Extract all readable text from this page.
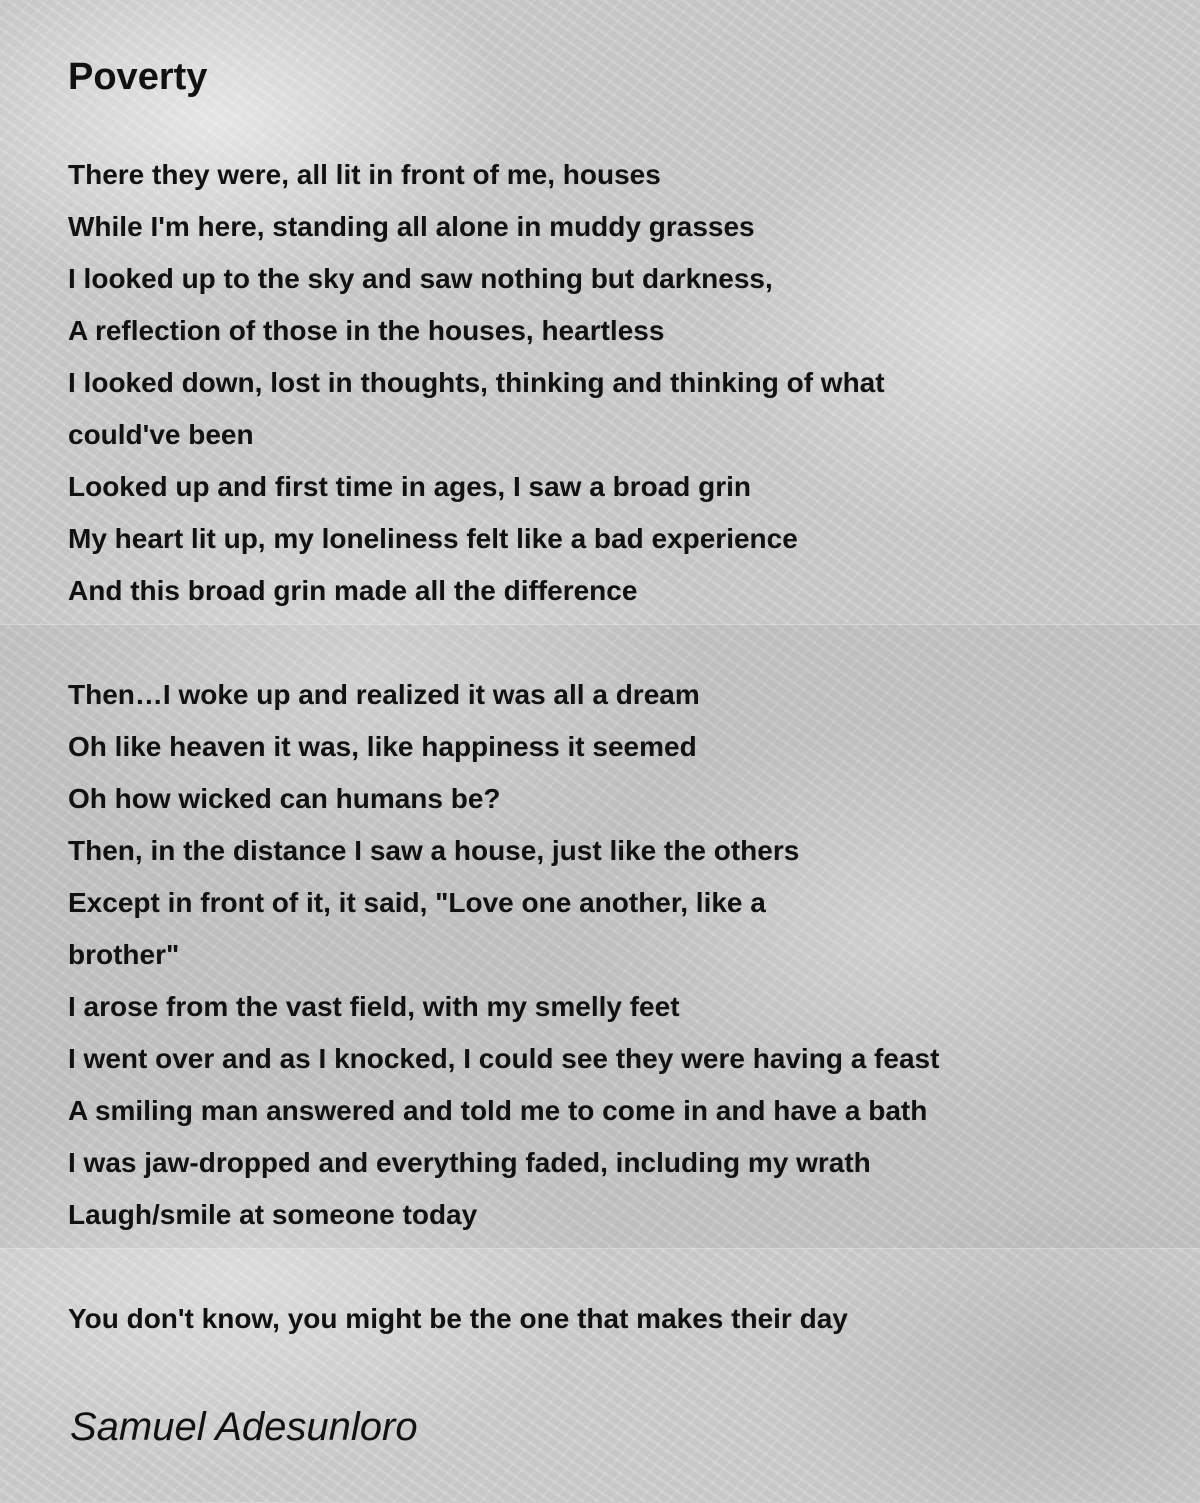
Poverty
There they were, all lit in front of me, houses
While I'm here, standing all alone in muddy grasses
I looked up to the sky and saw nothing but darkness,
A reflection of those in the houses, heartless
I looked down, lost in thoughts, thinking and thinking of what
could've been
Looked up and first time in ages, I saw a broad grin
My heart lit up, my loneliness felt like a bad experience
And this broad grin made all the difference
Then…I woke up and realized it was all a dream
Oh like heaven it was, like happiness it seemed
Oh how wicked can humans be?
Then, in the distance I saw a house, just like the others
Except in front of it, it said, "Love one another, like a
brother"
I arose from the vast field, with my smelly feet
I went over and as I knocked, I could see they were having a feast
A smiling man answered and told me to come in and have a bath
I was jaw-dropped and everything faded, including my wrath
Laugh/smile at someone today
You don't know, you might be the one that makes their day

Samuel Adesunloro
